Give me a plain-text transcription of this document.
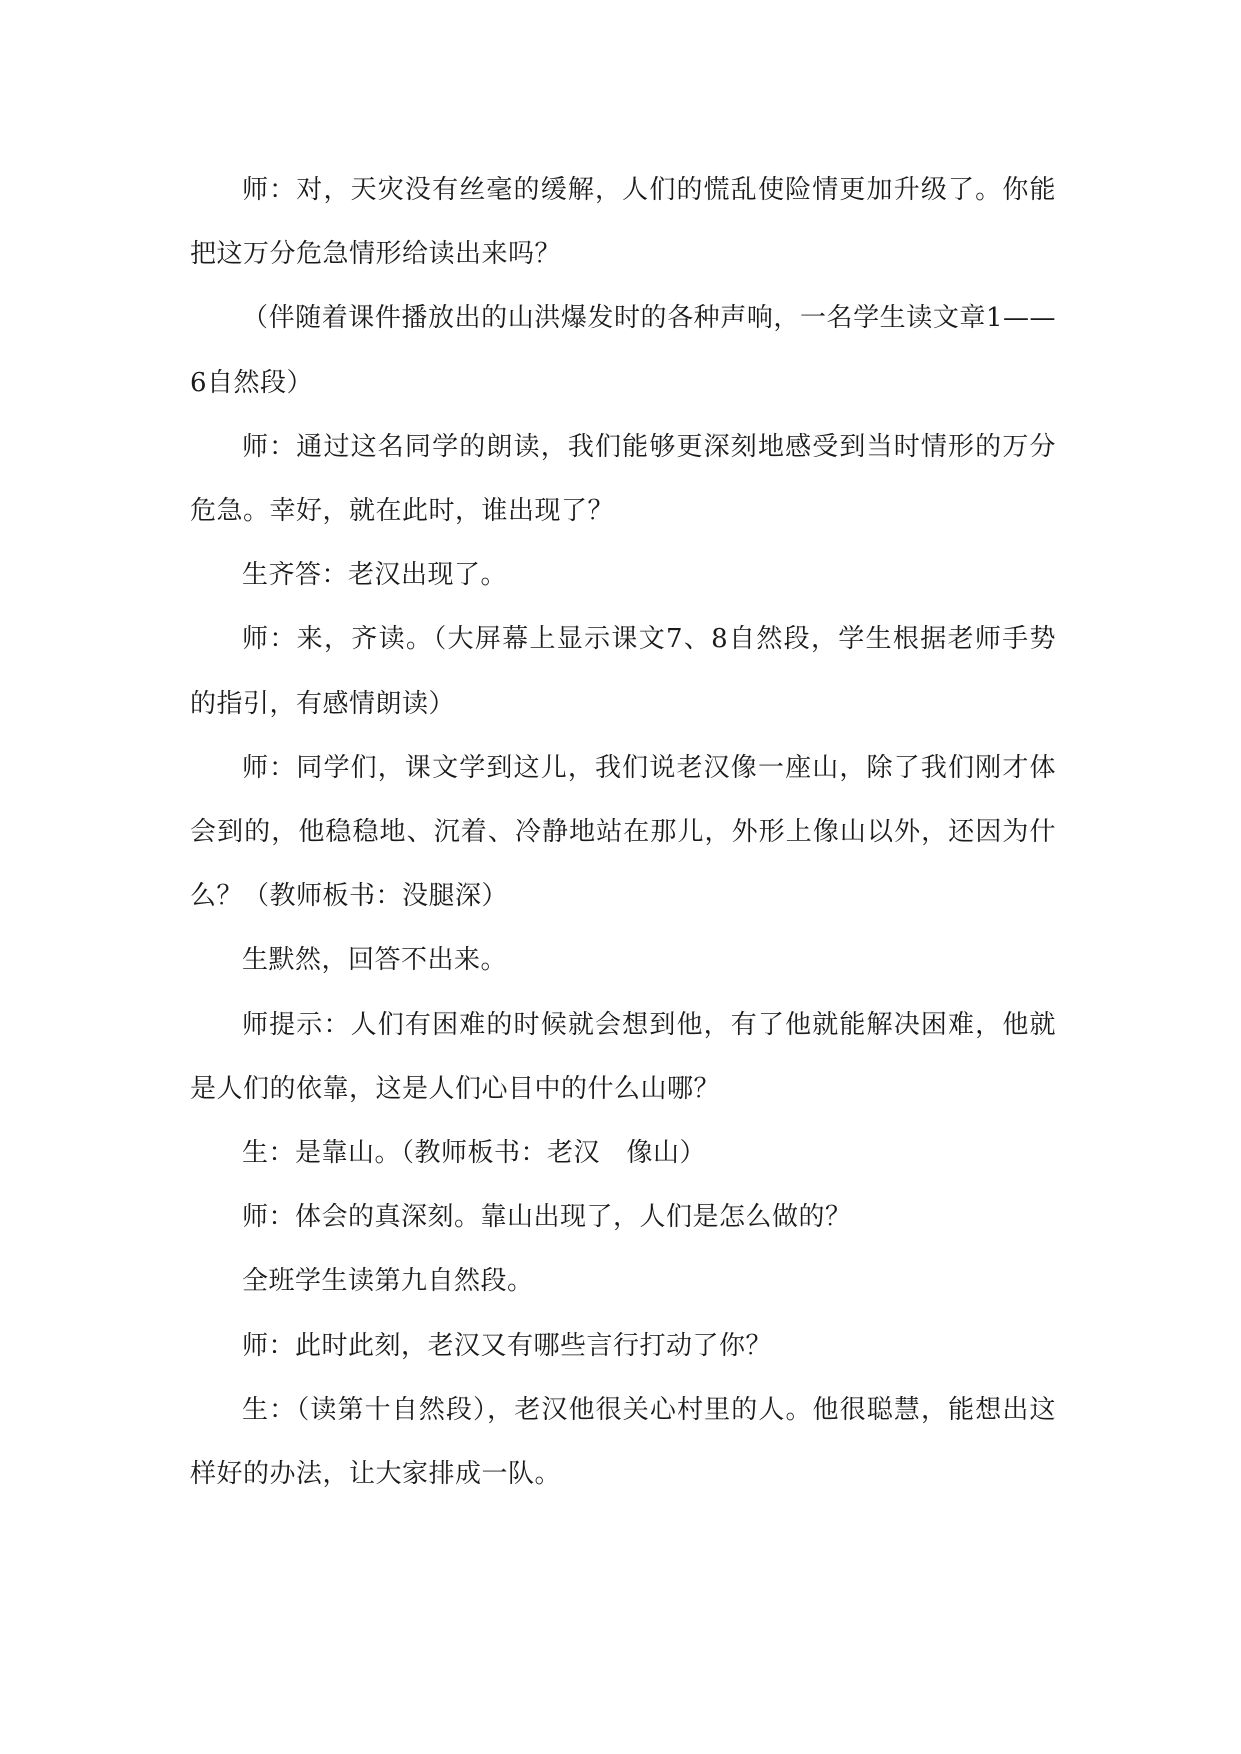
师：对，天灾没有丝毫的缓解，人们的慌乱使险情更加升级了。你能把这万分危急情形给读出来吗？

（伴随着课件播放出的山洪爆发时的各种声响，一名学生读文章1——6自然段）

师：通过这名同学的朗读，我们能够更深刻地感受到当时情形的万分危急。幸好，就在此时，谁出现了？

生齐答：老汉出现了。

师：来，齐读。（大屏幕上显示课文7、8自然段，学生根据老师手势的指引，有感情朗读）

师：同学们，课文学到这儿，我们说老汉像一座山，除了我们刚才体会到的，他稳稳地、沉着、冷静地站在那儿，外形上像山以外，还因为什么？（教师板书：没腿深）

生默然，回答不出来。

师提示：人们有困难的时候就会想到他，有了他就能解决困难，他就是人们的依靠，这是人们心目中的什么山哪？

生：是靠山。（教师板书：老汉　像山）

师：体会的真深刻。靠山出现了，人们是怎么做的？

全班学生读第九自然段。

师：此时此刻，老汉又有哪些言行打动了你？

生：（读第十自然段），老汉他很关心村里的人。他很聪慧，能想出这样好的办法，让大家排成一队。
